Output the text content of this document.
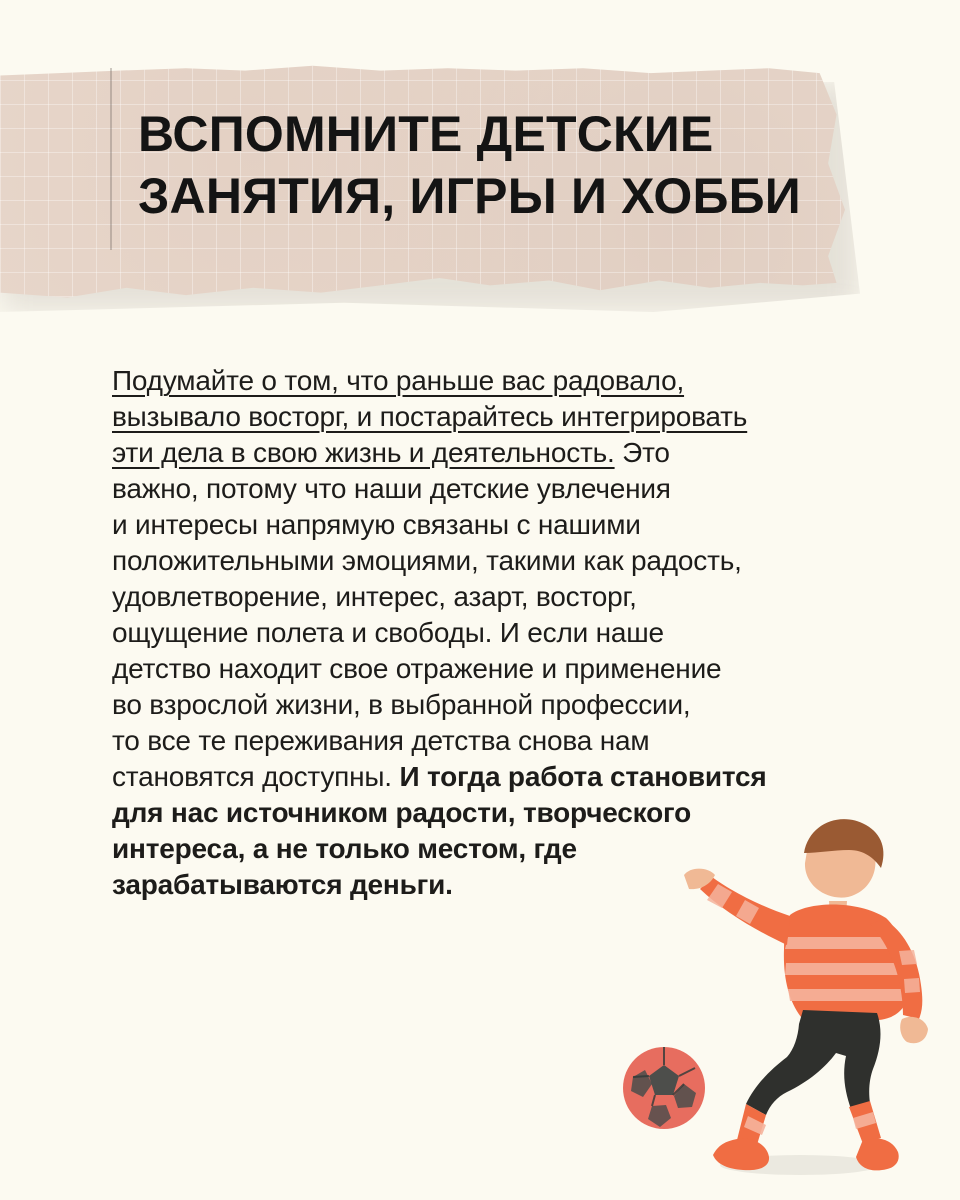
ВСПОМНИТЕ ДЕТСКИЕ
ЗАНЯТИЯ, ИГРЫ И ХОББИ

Подумайте о том, что раньше вас радовало,
вызывало восторг, и постарайтесь интегрировать
эти дела в свою жизнь и деятельность. Это
важно, потому что наши детские увлечения
и интересы напрямую связаны с нашими
положительными эмоциями, такими как радость,
удовлетворение, интерес, азарт, восторг,
ощущение полета и свободы. И если наше
детство находит свое отражение и применение
во взрослой жизни, в выбранной профессии,
то все те переживания детства снова нам
становятся доступны. И тогда работа становится
для нас источником радости, творческого
интереса, а не только местом, где
зарабатываются деньги.
